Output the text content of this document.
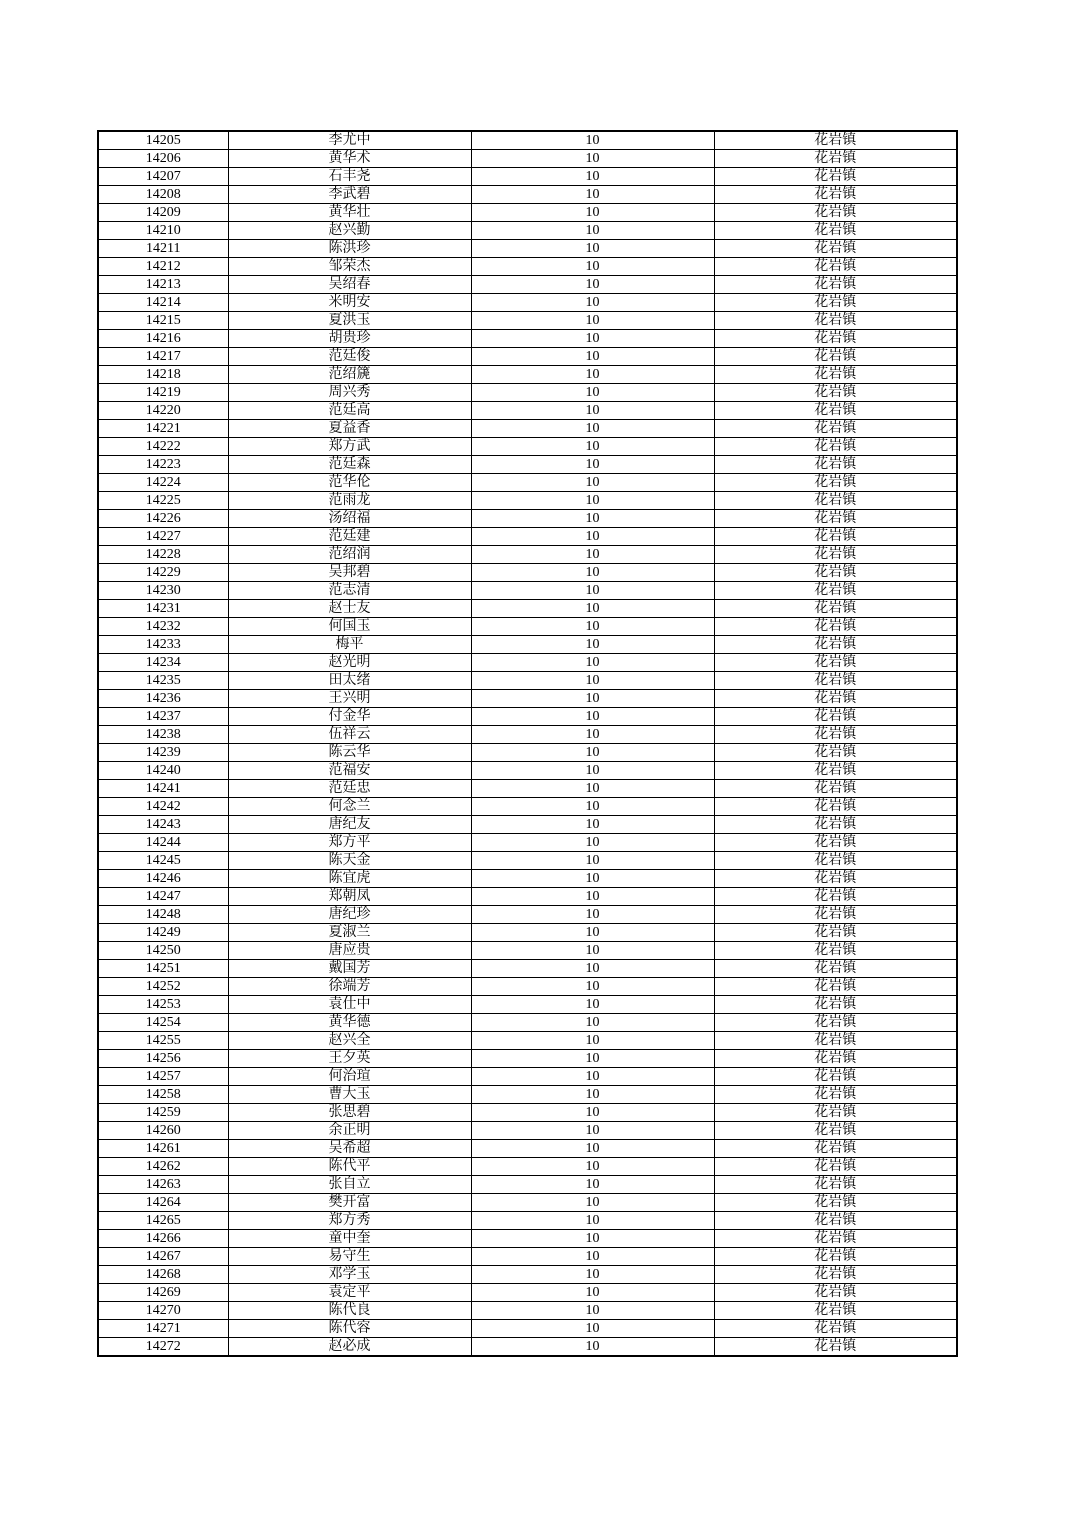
14205	李尤中	10	花岩镇
14206	黄华术	10	花岩镇
14207	石丰尧	10	花岩镇
14208	李武碧	10	花岩镇
14209	黄华壮	10	花岩镇
14210	赵兴勤	10	花岩镇
14211	陈洪珍	10	花岩镇
14212	邹荣杰	10	花岩镇
14213	吴绍春	10	花岩镇
14214	米明安	10	花岩镇
14215	夏洪玉	10	花岩镇
14216	胡贵珍	10	花岩镇
14217	范廷俊	10	花岩镇
14218	范绍篪	10	花岩镇
14219	周兴秀	10	花岩镇
14220	范廷高	10	花岩镇
14221	夏益香	10	花岩镇
14222	郑方武	10	花岩镇
14223	范廷森	10	花岩镇
14224	范华伦	10	花岩镇
14225	范雨龙	10	花岩镇
14226	汤绍福	10	花岩镇
14227	范廷建	10	花岩镇
14228	范绍润	10	花岩镇
14229	吴邦碧	10	花岩镇
14230	范志清	10	花岩镇
14231	赵士友	10	花岩镇
14232	何国玉	10	花岩镇
14233	梅平	10	花岩镇
14234	赵光明	10	花岩镇
14235	田太绪	10	花岩镇
14236	王兴明	10	花岩镇
14237	付金华	10	花岩镇
14238	伍祥云	10	花岩镇
14239	陈云华	10	花岩镇
14240	范福安	10	花岩镇
14241	范廷忠	10	花岩镇
14242	何念兰	10	花岩镇
14243	唐纪友	10	花岩镇
14244	郑方平	10	花岩镇
14245	陈天金	10	花岩镇
14246	陈宜虎	10	花岩镇
14247	郑朝凤	10	花岩镇
14248	唐纪珍	10	花岩镇
14249	夏淑兰	10	花岩镇
14250	唐应贵	10	花岩镇
14251	戴国芳	10	花岩镇
14252	徐端芳	10	花岩镇
14253	袁仕中	10	花岩镇
14254	黄华德	10	花岩镇
14255	赵兴全	10	花岩镇
14256	王夕英	10	花岩镇
14257	何治瑄	10	花岩镇
14258	曹大玉	10	花岩镇
14259	张思碧	10	花岩镇
14260	余正明	10	花岩镇
14261	吴希超	10	花岩镇
14262	陈代平	10	花岩镇
14263	张自立	10	花岩镇
14264	樊开富	10	花岩镇
14265	郑方秀	10	花岩镇
14266	童中奎	10	花岩镇
14267	易守生	10	花岩镇
14268	邓学玉	10	花岩镇
14269	袁定平	10	花岩镇
14270	陈代良	10	花岩镇
14271	陈代容	10	花岩镇
14272	赵必成	10	花岩镇
